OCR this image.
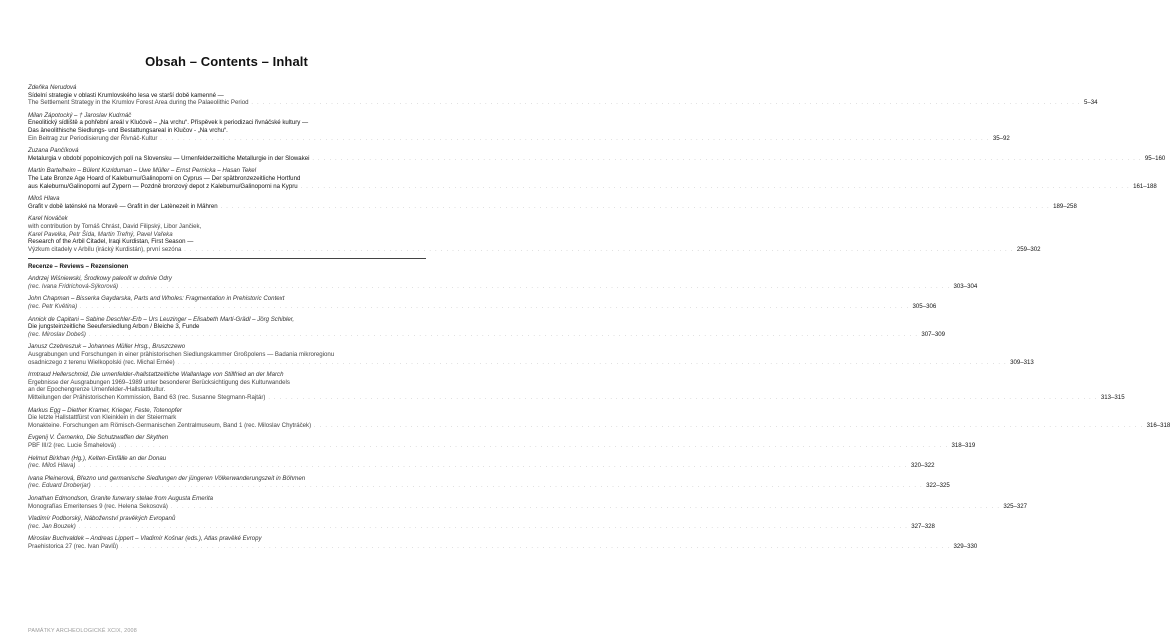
Obsah – Contents – Inhalt
Zdeňka Nerudová
Sídelní strategie v oblasti Krumlovského lesa ve starší době kamenné —
The Settlement Strategy in the Krumlov Forest Area during the Palaeolithic Period . . .	5–34
Milan Zápotocký – † Jaroslav Kudrnáč
Eneolitický sídliště a pohřební areál v Klučově – „Na vrchu“. Příspěvek k periodizaci řivnáčské kultury —
Das äneolithische Siedlungs- und Bestattungsareal in Klučov - „Na vrchu“.
Ein Beitrag zur Periodisierung der Řivnáč-Kultur . . .	35–92
Zuzana Pančíková
Metalurgia v období popolnicových polí na Slovensku — Urnenfelderzeitliche Metallurgie in der Slowakei . . .	95–160
Martin Bartelheim – Bülent Kızılduman – Uwe Müller – Ernst Pernicka – Hasan Tekel
The Late Bronze Age Hoard of Kaleburnu/Galinoporni on Cyprus — Der spätbronzezeitliche Hortfund
aus Kaleburnu/Galinoporni auf Zypern — Pozdně bronzový depot z Kaleburnu/Galinoporni na Kypru . . .	161–188
Miloš Hlava
Grafit v době laténské na Moravě — Grafit in der Latènezeit in Mähren . . .	189–258
Karel Nováček
with contribution by Tomáš Chrást, David Filipský, Libor Jančiek,
Karel Pavelka, Petr Šída, Martin Trefný, Pavel Vařeka
Research of the Arbil Citadel, Iraqi Kurdistan, First Season —
Výzkum citadely v Arbílu (irácký Kurdistán), první sezóna . . .	259–302
Recenze – Reviews – Rezensionen
Andrzej Wiśniewski, Środkowy paleolit w dolinie Odry
(rec. Ivana Fridrichová-Sýkorová) . . .	303–304
John Chapman – Bisserka Gaydarska, Parts and Wholes: Fragmentation in Prehistoric Context
(rec. Petr Květina) . . .	305–306
Annick de Capitani – Sabine Deschler-Erb – Urs Leuzinger – Elisabeth Marti-Grädl – Jörg Schibler,
Die jungsteinzeitliche Seeufersiedlung Arbon / Bleiche 3, Funde
(rec. Miroslav Dobeš) . . .	307–309
Janusz Czebreszuk – Johannes Müller Hrsg., Bruszczewo
Ausgrabungen und Forschungen in einer prähistorischen Siedlungskammer Großpolens — Badania mikroregionu
osadniczego z terenu Wielkopolski (rec. Michal Ernée) . . .	309–313
Irmtraud Hellerschmid, Die urnenfelder-/hallstattzeitliche Wallanlage von Stillfried an der March
Ergebnisse der Ausgrabungen 1969–1989 unter besonderer Berücksichtigung des Kulturwandels
an der Epochengrenze Urnenfelder-/Hallstattkultur.
Mitteilungen der Prähistorischen Kommission, Band 63 (rec. Susanne Stegmann-Rajtár) . . .	313–315
Markus Egg – Diether Kramer, Krieger, Feste, Totenopfer
Die letzte Hallstattfürst von Kleinklein in der Steiermark
Monakteine. Forschungen am Römisch-Germanischen Zentralmuseum, Band 1 (rec. Miloslav Chytráček) . . .	316–318
Evgenij V. Černenko, Die Schutzwaffen der Skythen
PBF III/2 (rec. Lucie Šmahelová) . . .	318–319
Helmut Birkhan (Hg.), Kelten-Einfälle an der Donau
(rec. Miloš Hlava) . . .	320–322
Ivana Pleinerová, Březno und germanische Siedlungen der jüngeren Völkerwanderungszeit in Böhmen
(rec. Eduard Droberjar) . . .	322–325
Jonathan Edmondson, Granite funerary stelae from Augusta Emerita
Monografías Emeritenses 9 (rec. Helena Sekosová) . . .	325–327
Vladimír Podborský, Náboženství pravěkých Evropanů
(rec. Jan Bouzek) . . .	327–328
Miroslav Buchvaldek – Andreas Lippert – Vladimír Košnar (eds.), Atlas pravěké Evropy
Praehistorica 27 (rec. Ivan Pavlů) . . .	329–330
PAMÁTKY ARCHEOLOGICKÉ XCIX, 2008
